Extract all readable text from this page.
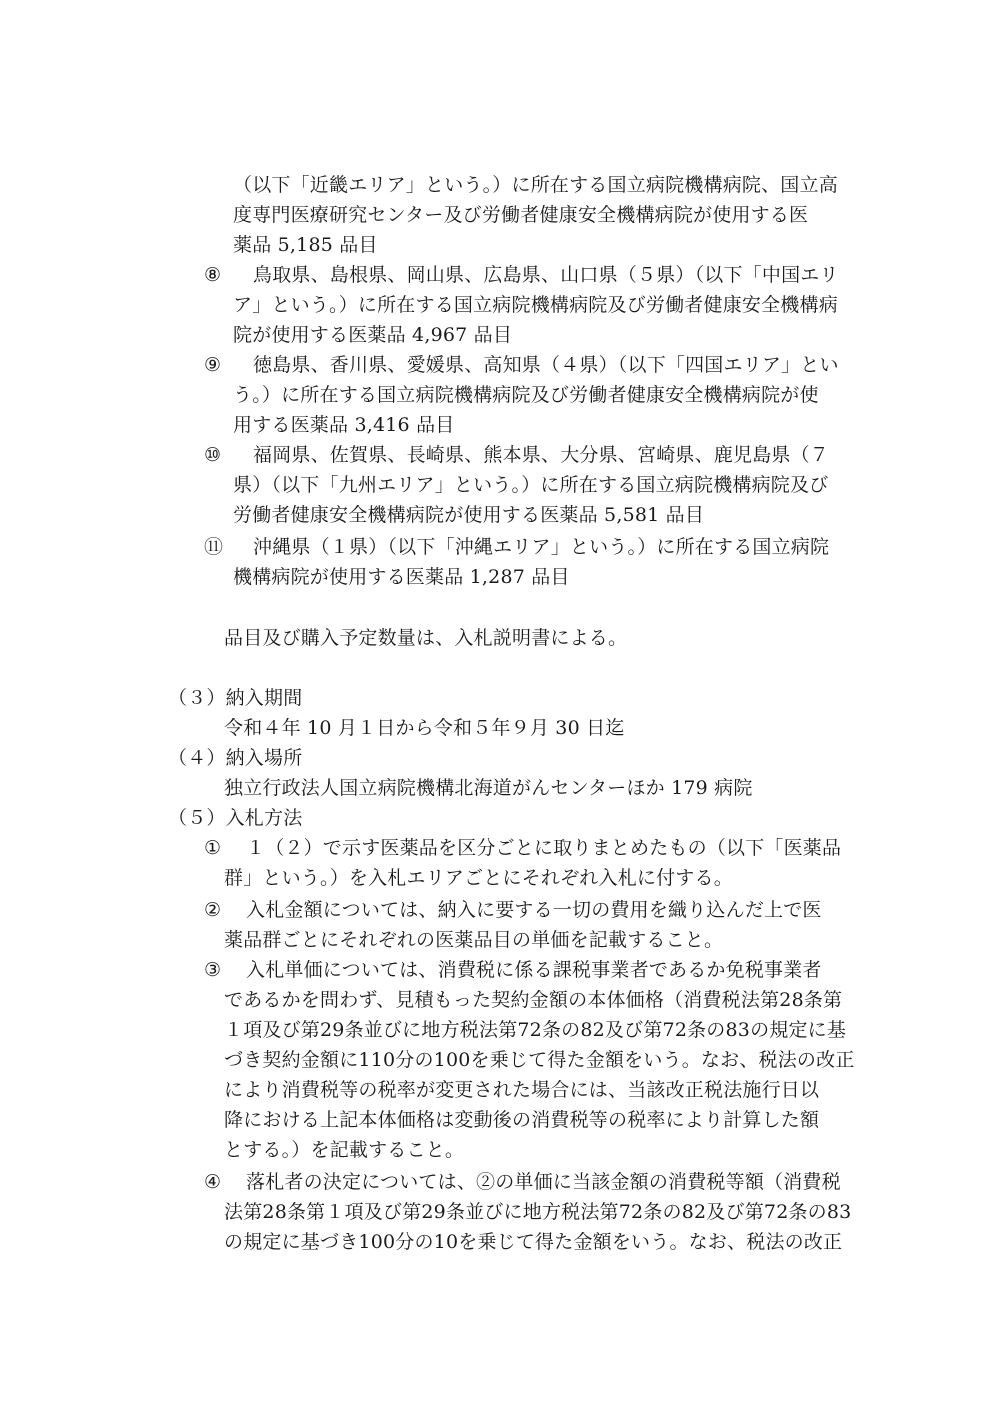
（以下「近畿エリア」という。）に所在する国立病院機構病院、国立高
度専門医療研究センター及び労働者健康安全機構病院が使用する医
薬品 5,185 品目
⑧ 鳥取県、島根県、岡山県、広島県、山口県（５県）（以下「中国エリ
ア」という。）に所在する国立病院機構病院及び労働者健康安全機構病
院が使用する医薬品 4,967 品目
⑨ 徳島県、香川県、愛媛県、高知県（４県）（以下「四国エリア」とい
う。）に所在する国立病院機構病院及び労働者健康安全機構病院が使
用する医薬品 3,416 品目
⑩ 福岡県、佐賀県、長崎県、熊本県、大分県、宮崎県、鹿児島県（７
県）（以下「九州エリア」という。）に所在する国立病院機構病院及び
労働者健康安全機構病院が使用する医薬品 5,581 品目
⑪ 沖縄県（１県）（以下「沖縄エリア」という。）に所在する国立病院
機構病院が使用する医薬品 1,287 品目
品目及び購入予定数量は、入札説明書による。
（３）納入期間
令和４年 10 月１日から令和５年９月 30 日迄
（４）納入場所
独立行政法人国立病院機構北海道がんセンターほか 179 病院
（５）入札方法
① １（２）で示す医薬品を区分ごとに取りまとめたもの（以下「医薬品
群」という。）を入札エリアごとにそれぞれ入札に付する。
② 入札金額については、納入に要する一切の費用を織り込んだ上で医
薬品群ごとにそれぞれの医薬品目の単価を記載すること。
③ 入札単価については、消費税に係る課税事業者であるか免税事業者
であるかを問わず、見積もった契約金額の本体価格（消費税法第28条第
１項及び第29条並びに地方税法第72条の82及び第72条の83の規定に基
づき契約金額に110分の100を乗じて得た金額をいう。なお、税法の改正
により消費税等の税率が変更された場合には、当該改正税法施行日以
降における上記本体価格は変動後の消費税等の税率により計算した額
とする。）を記載すること。
④ 落札者の決定については、②の単価に当該金額の消費税等額（消費税
法第28条第１項及び第29条並びに地方税法第72条の82及び第72条の83
の規定に基づき100分の10を乗じて得た金額をいう。なお、税法の改正
